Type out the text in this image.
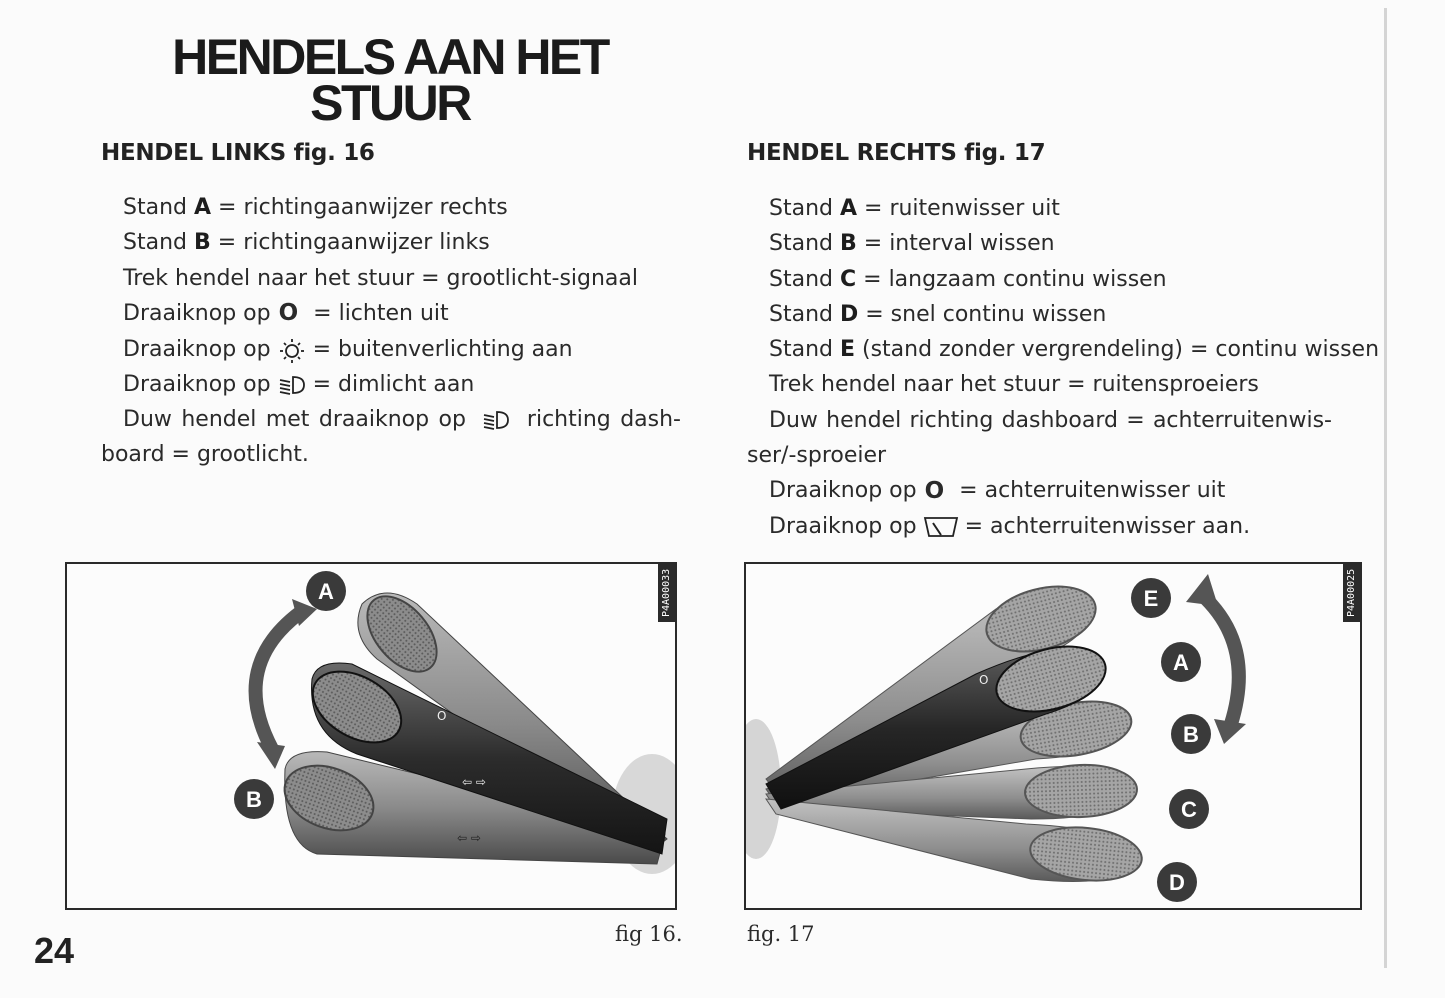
HENDELS AAN HET STUUR
HENDEL LINKS fig. 16
Stand A = richtingaanwijzer rechts
Stand B = richtingaanwijzer links
Trek hendel naar het stuur = grootlicht-signaal
Draaiknop op O = lichten uit
Draaiknop op = buitenverlichting aan
Draaiknop op = dimlicht aan
Duw hendel met draaiknop op	richting dash-
board = grootlicht.
HENDEL RECHTS fig. 17
Stand A = ruitenwisser uit
Stand B = interval wissen
Stand C = langzaam continu wissen
Stand D = snel continu wissen
Stand E (stand zonder vergrendeling) = continu wissen
Trek hendel naar het stuur = ruitensproeiers
Duw hendel richting dashboard = achterruitenwis-
ser/-sproeier
Draaiknop op O = achterruitenwisser uit
Draaiknop op = achterruitenwisser aan.
P4A00033
⇦ ⇨
O
⇦ ⇨
A
B
fig 16.
P4A00025
O
E
A
B
C
D
fig. 17
24
